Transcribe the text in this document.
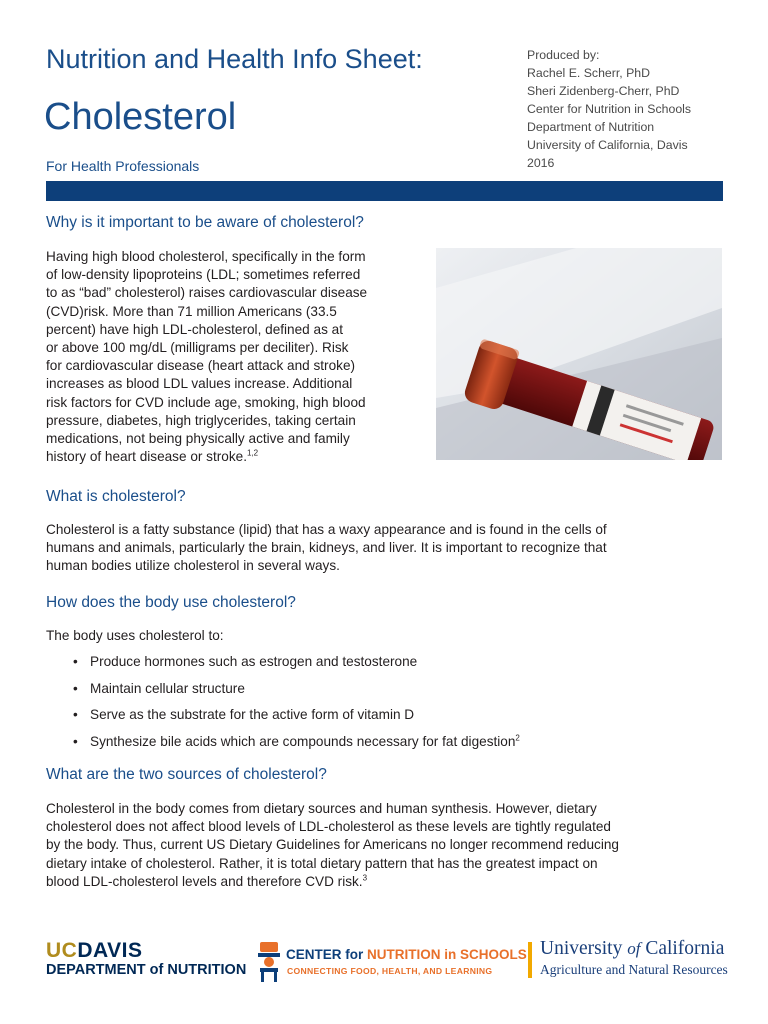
Nutrition and Health Info Sheet:
Cholesterol
For Health Professionals
Produced by:
Rachel E. Scherr, PhD
Sheri Zidenberg-Cherr, PhD
Center for Nutrition in Schools
Department of Nutrition
University of California, Davis
2016
Why is it important to be aware of cholesterol?

Having high blood cholesterol, specifically in the form
of low-density lipoproteins (LDL; sometimes referred
to as “bad” cholesterol) raises cardiovascular disease
(CVD)risk. More than 71 million Americans (33.5
percent) have high LDL-cholesterol, defined as at
or above 100 mg/dL (milligrams per deciliter). Risk
for cardiovascular disease (heart attack and stroke)
increases as blood LDL values increase. Additional
risk factors for CVD include age, smoking, high blood
pressure, diabetes, high triglycerides, taking certain
medications, not being physically active and family
history of heart disease or stroke.$^{1,2}$

What is cholesterol?

Cholesterol is a fatty substance (lipid) that has a waxy appearance and is found in the cells of
humans and animals, particularly the brain, kidneys, and liver. It is important to recognize that
human bodies utilize cholesterol in several ways.

How does the body use cholesterol?

The body uses cholesterol to:

• Produce hormones such as estrogen and testosterone
• Maintain cellular structure
• Serve as the substrate for the active form of vitamin D
• Synthesize bile acids which are compounds necessary for fat digestion$^2$
What are the two sources of cholesterol?

Cholesterol in the body comes from dietary sources and human synthesis. However, dietary
cholesterol does not affect blood levels of LDL-cholesterol as these levels are tightly regulated
by the body. Thus, current US Dietary Guidelines for Americans no longer recommend reducing
dietary intake of cholesterol. Rather, it is total dietary pattern that has the greatest impact on
blood LDL-cholesterol levels and therefore CVD risk.$^3$

UCDAVIS
DEPARTMENT of NUTRITION
CENTER for NUTRITION in SCHOOLS
CONNECTING FOOD, HEALTH, AND LEARNING
University of California
Agriculture and Natural Resources
